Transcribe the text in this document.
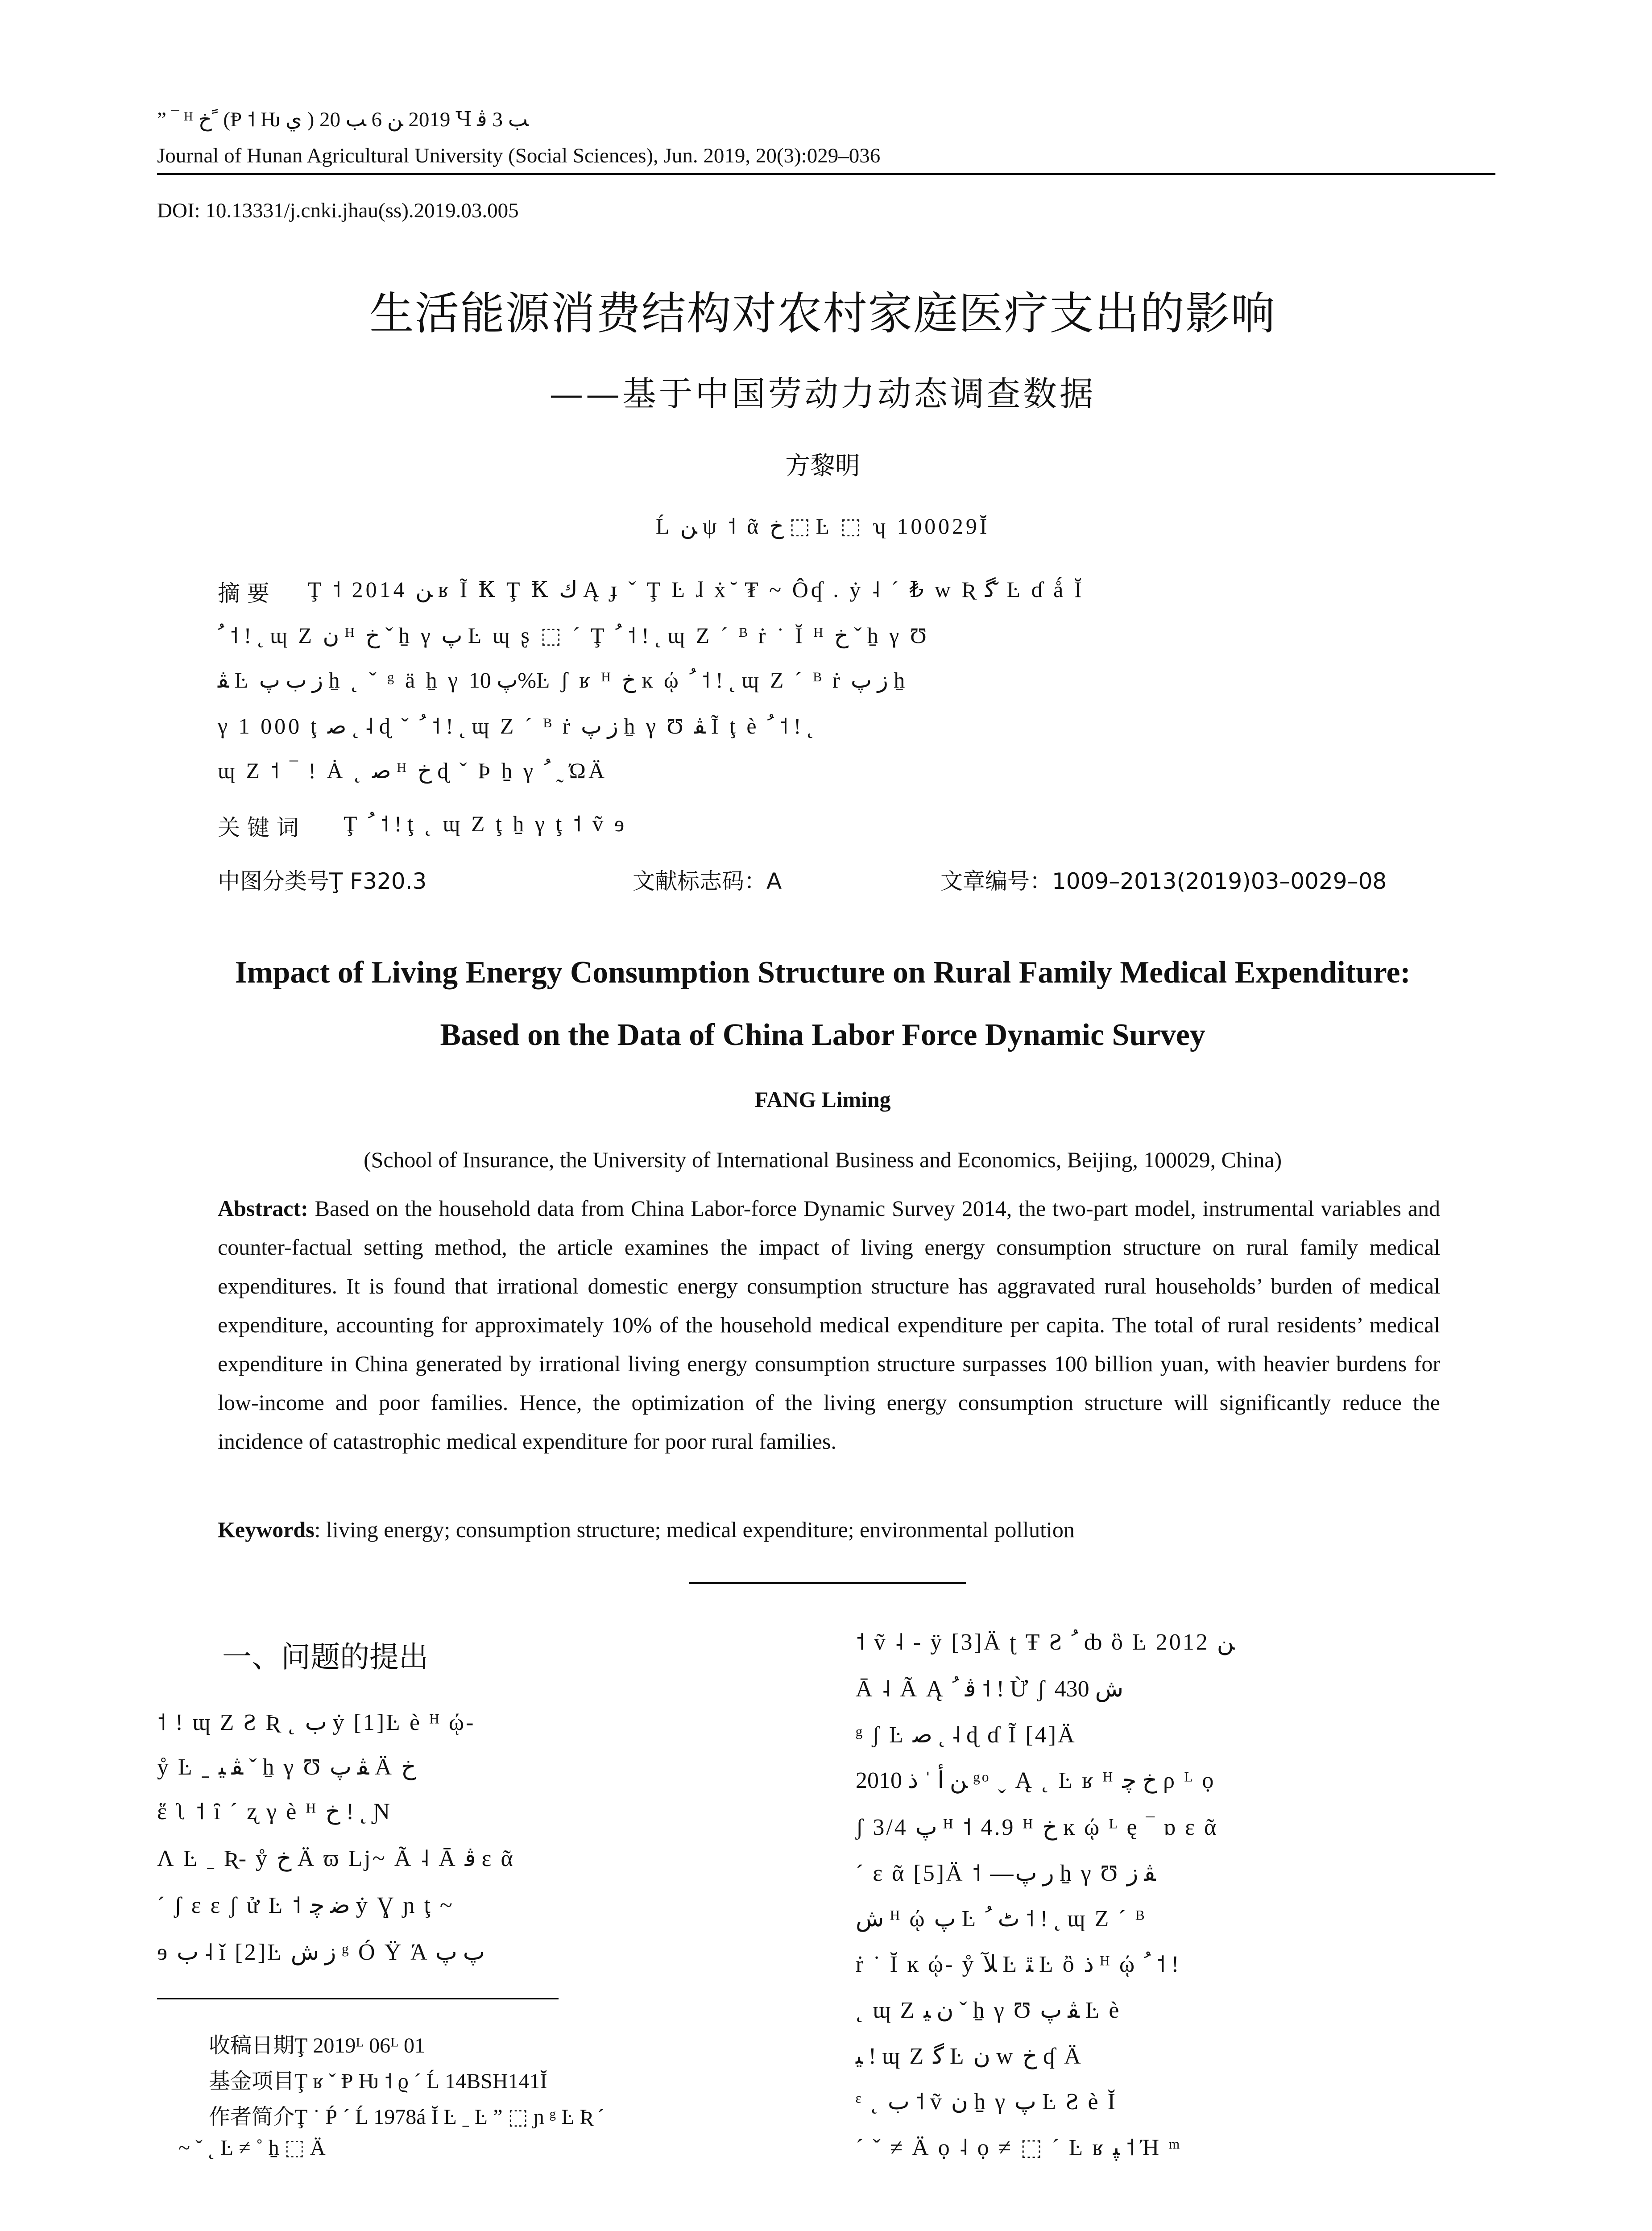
” ‾ ᴴ ﺥ ً (Ᵽ ˦ Ƕ ي ) 2019 ﻦ 6 ﺐ 20 Ɥ ﺐ 3 ﭬ
Journal of Hunan Agricultural University (Social Sciences), Jun. 2019, 20(3):029–036
DOI: 10.13331/j.cnki.jhau(ss).2019.03.005
生活能源消费结构对农村家庭医疗支出的影响
——基于中国劳动力动态调查数据
方黎明
Ĺ ﻦ ψ ˦ ᾶ ﺥ ⬚ Ŀ ⬚ ʮ 100029Ĭ
摘 要 Ţ ˦ 2014 ﻦ ʁ Ĩ Ꝁ Ţ Ꝁ ﻙ Ą ɟ ˇ Ţ Ŀ ɺ ẋ ̆ ₮ ~ Ôʠ . ẏ ˨ ˊ ₺ ᴡ Ʀ ﮔ ̆ Ŀ ɗ ǻ Ĭ
ﹸ ˦ ! ˛ ɰ Z ﻥ ᴴ ﺥ ˇ ẖ γ ﭖ Ŀ ɰ ʂ ⬚ ˊ Ţ ﹸ ˦ ! ˛ ɰ Z ˊ ᴮ ṙ ˙ Ĭ ᴴ ﺥ ˇ ẖ γ Ʊ
ﭭ Ŀ ﺯ ﺏ ﭖ ẖ ˛ ˇ ᵍ ä ẖ γ ﭖ 10%Ŀ ʃ ʁ ᴴ ﺥ ĸ ῴ ﹸ ˦ ! ˛ ɰ Z ˊ ᴮ ṙ ﺯ ﭖ ẖ
γ 1 000 ţ ﺻ ˛ ˨ ɖ ˇ ﹸ ˦ ! ˛ ɰ Z ˊ ᴮ ṙ ﺯ ﭖ ẖ γ Ʊ ﭭ Ĩ ţ è ﹸ ˦ ! ˛
ɰ Z ˦ ‾ ! Ȧ ˛ ﺻ ᴴ ﺥ ɖ ˇ Þ ẖ γ ﹸ ˷ ΏÄ
关 键 词 Ţ ﹸ ˦ ! ţ ˛ ɰ Z ţ ẖ γ ţ ˦ ṽ ɘ
中图分类号Ţ F320.3	文献标志码：A	文章编号：1009–2013(2019)03–0029–08
Impact of Living Energy Consumption Structure on Rural Family Medical Expenditure:
Based on the Data of China Labor Force Dynamic Survey
FANG Liming
(School of Insurance, the University of International Business and Economics, Beijing, 100029, China)
Abstract: Based on the household data from China Labor-force Dynamic Survey 2014, the two-part model, instrumental variables and counter-factual setting method, the article examines the impact of living energy consumption structure on rural family medical expenditures. It is found that irrational domestic energy consumption structure has aggravated rural households’ burden of medical expenditure, accounting for approximately 10% of the household medical expenditure per capita. The total of rural residents’ medical expenditure in China generated by irrational living energy consumption structure surpasses 100 billion yuan, with heavier burdens for low-income and poor families. Hence, the optimization of the living energy consumption structure will significantly reduce the incidence of catastrophic medical expenditure for poor rural families.
Keywords: living energy; consumption structure; medical expenditure; environmental pollution
一、问题的提出
˦ ! ɰ Z Ƨ Ʀ ˛ ﺏ ẏ [1]Ŀ è ᴴ ῴ-
ẙ Ŀ ˍ ﭭ ﻴ ˇ ẖ γ Ʊ ﭭ ﭖ Ä ﺥ
ἕ ʅ ˦ ȋ ˊ ʐ γ è ᴴ ﺥ ! ˛ Ɲ
Ʌ Ŀ ˍ Ʀ- ẙ ﺥ Ä ϖ Lj~ Ã ˨ Ā ﭬ ε ᾶ
ˊ ʃ ε ε ʃ ử Ŀ ˦ ﺿ ﭼ ẏ Ɣ ɲ ţ ~
ɘ ﺏ ˨ ǐ [2]Ŀ ﺯ ﺵ ᵍ Ó Ÿ Ά ﭖ ﭖ
收稿日期Ţ 2019ᴸ 06ᴸ 01
基金项目Ţ ʁ ˇ Ᵽ Ƕ ˦ ϱ ˊ Ĺ 14BSH141Ĭ
作者简介Ţ ˙ Ṕ ˊ Ĺ 1978á Ĭ Ŀ ˍ Ŀ ” ⬚ ɲ ᵍ Ŀ Ʀ ˊ
~ ˇ ˛ Ŀ ≠ ˚ ẖ ⬚ Ä
˦ ṽ ˨ - ÿ [3]Ä ʈ Ŧ Ƨ ﹸ ȸ ὃ Ŀ 2012 ﻦ
Ā ˨ Ã Ą ﭬ ﹸ ˦ ! Ừ ʃ ﺵ 430
ᵍ ʃ Ŀ ﺻ ˛ ˨ ɖ ɗ Ĩ [4]Ä
2010 ﻦ ﺃ ˈ ﺫ ᵍᵒ ˬ Ą ˛ Ŀ ʁ ᴴ ﺥ ﭼ ρ ᴸ ọ
ʃ 3/4 ﭖ ᴴ ˦ 4.9 ᴴ ﺥ ĸ ῴ ᴸ ę ‾ ɒ ε ᾶ
ˊ ε ᾶ [5]Ä ˦ —ﺭ ﭖ ẖ γ Ʊ ﭭ ﺯ
ﺵ ᴴ ῴ ﭖ Ŀ ﭦ ﹸ ˦ ! ˛ ɰ Z ˊ ᴮ
ṙ ˙ Ĭ ĸ ῴ- ẙ ﻶ Ŀ ﭥ Ŀ ὂ ﺫ ᴴ ῴ ﹸ ˦ !
˛ ɰ Z ﻥ ﻴ ˇ ẖ γ Ʊ ﭭ ﭖ Ŀ è
ﻴ ! ɰ Z ﮔ Ŀ ﻥ ᴡ ﺥ ʠ Ä
ᵋ ˛ ﺏ ˦ ṽ ﻥ ẖ γ ﭖ Ŀ Ƨ è Ĭ
ˊ ˇ ≠ Ä ọ ˨ ọ ≠ ⬚ ˊ Ŀ ʁ ﭙ ˦ Ή ᵐ
